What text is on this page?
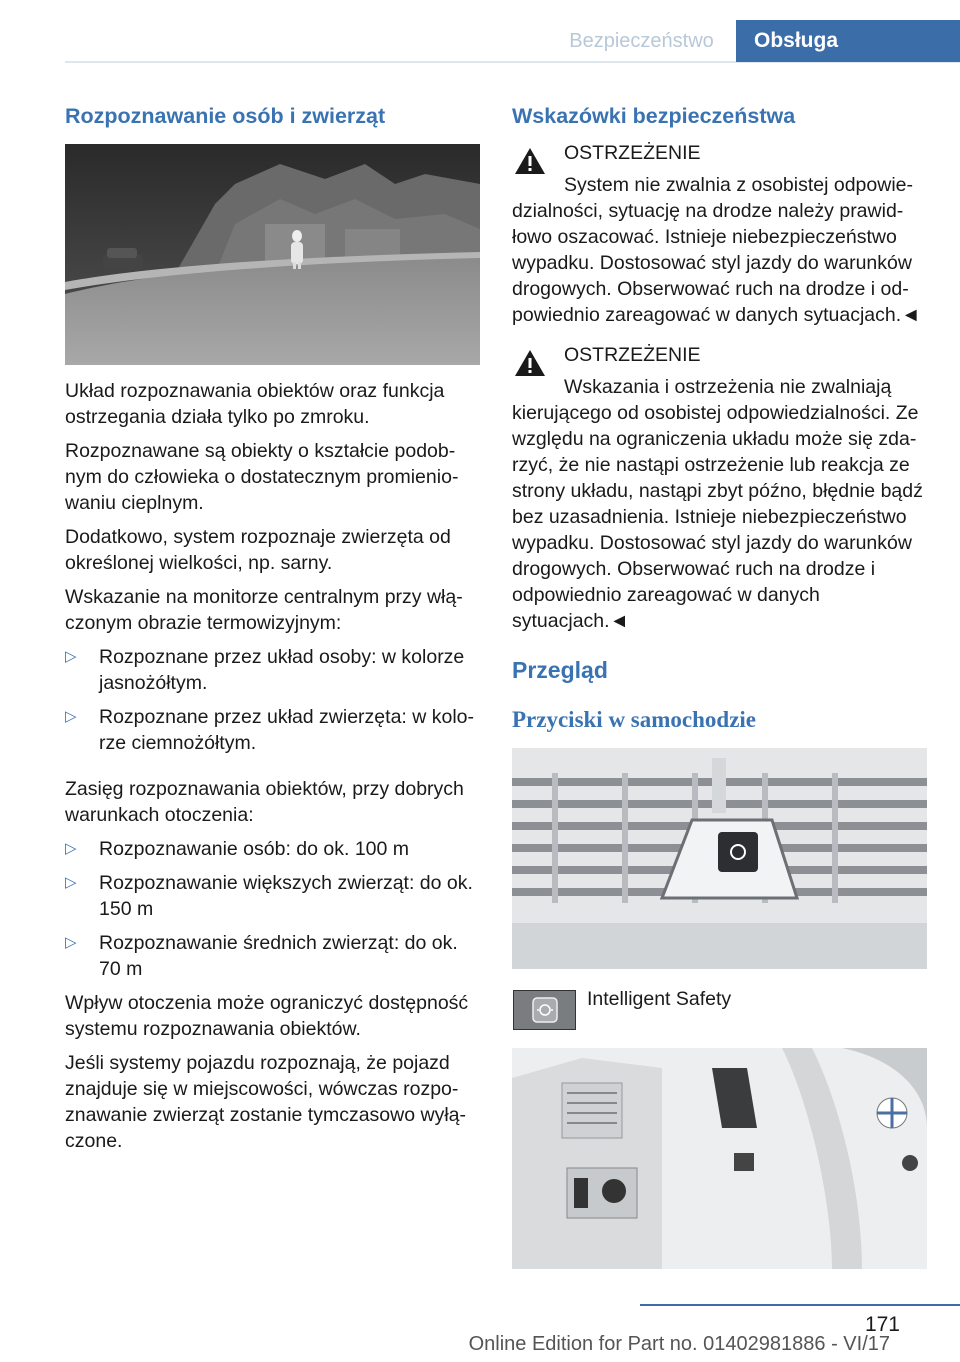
Bezpieczeństwo	Obsługa
Rozpoznawanie osób i zwierząt

Układ rozpoznawania obiektów oraz funkcja ostrzegania działa tylko po zmroku.

Rozpoznawane są obiekty o kształcie podobnym do człowieka o dostatecznym promieniowaniu cieplnym.

Dodatkowo, system rozpoznaje zwierzęta od określonej wielkości, np. sarny.

Wskazanie na monitorze centralnym przy włączonym obrazie termowizyjnym:

▷ Rozpoznane przez układ osoby: w kolorze jasnożółtym.
▷ Rozpoznane przez układ zwierzęta: w kolorze ciemnożółtym.

Zasięg rozpoznawania obiektów, przy dobrych warunkach otoczenia:

▷ Rozpoznawanie osób: do ok. 100 m
▷ Rozpoznawanie większych zwierząt: do ok. 150 m
▷ Rozpoznawanie średnich zwierząt: do ok. 70 m

Wpływ otoczenia może ograniczyć dostępność systemu rozpoznawania obiektów.

Jeśli systemy pojazdu rozpoznają, że pojazd znajduje się w miejscowości, wówczas rozpoznawanie zwierząt zostanie tymczasowo wyłączone.

Wskazówki bezpieczeństwa

OSTRZEŻENIE

System nie zwalnia z osobistej odpowiedzialności, sytuację na drodze należy prawidłowo oszacować. Istnieje niebezpieczeństwo wypadku. Dostosować styl jazdy do warunków drogowych. Obserwować ruch na drodze i odpowiednio zareagować w danych sytuacjach.◄

OSTRZEŻENIE

Wskazania i ostrzeżenia nie zwalniają kierującego od osobistej odpowiedzialności. Ze względu na ograniczenia układu może się zdarzyć, że nie nastąpi ostrzeżenie lub reakcja ze strony układu, nastąpi zbyt późno, błędnie bądź bez uzasadnienia. Istnieje niebezpieczeństwo wypadku. Dostosować styl jazdy do warunków drogowych. Obserwować ruch na drodze i odpowiednio zareagować w danych sytuacjach.◄

Przegląd
Przyciski w samochodzie

Intelligent Safety

171
Online Edition for Part no. 01402981886 - VI/17
